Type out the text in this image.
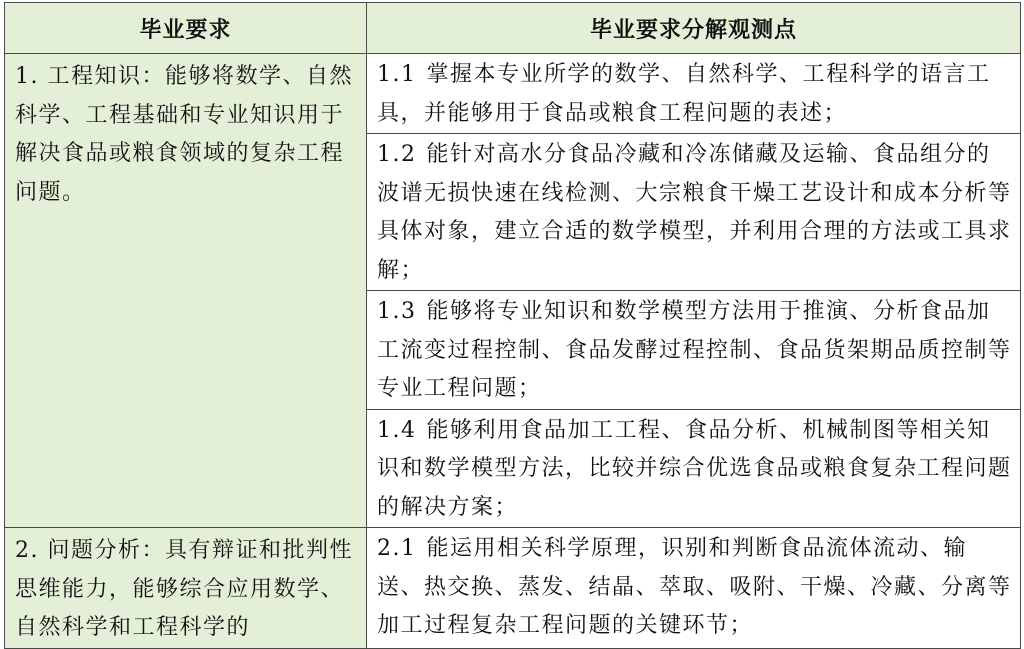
毕业要求	毕业要求分解观测点

1. 工程知识：能够将数学、自然科学、工程基础和专业知识用于解决食品或粮食领域的复杂工程问题。	1.1 掌握本专业所学的数学、自然科学、工程科学的语言工具，并能够用于食品或粮食工程问题的表述；

	1.2 能针对高水分食品冷藏和冷冻储藏及运输、食品组分的波谱无损快速在线检测、大宗粮食干燥工艺设计和成本分析等具体对象，建立合适的数学模型，并利用合理的方法或工具求解；

	1.3 能够将专业知识和数学模型方法用于推演、分析食品加工流变过程控制、食品发酵过程控制、食品货架期品质控制等专业工程问题；

	1.4 能够利用食品加工工程、食品分析、机械制图等相关知识和数学模型方法，比较并综合优选食品或粮食复杂工程问题的解决方案；

2. 问题分析：具有辩证和批判性思维能力，能够综合应用数学、自然科学和工程科学的	2.1 能运用相关科学原理，识别和判断食品流体流动、输送、热交换、蒸发、结晶、萃取、吸附、干燥、冷藏、分离等加工过程复杂工程问题的关键环节；
